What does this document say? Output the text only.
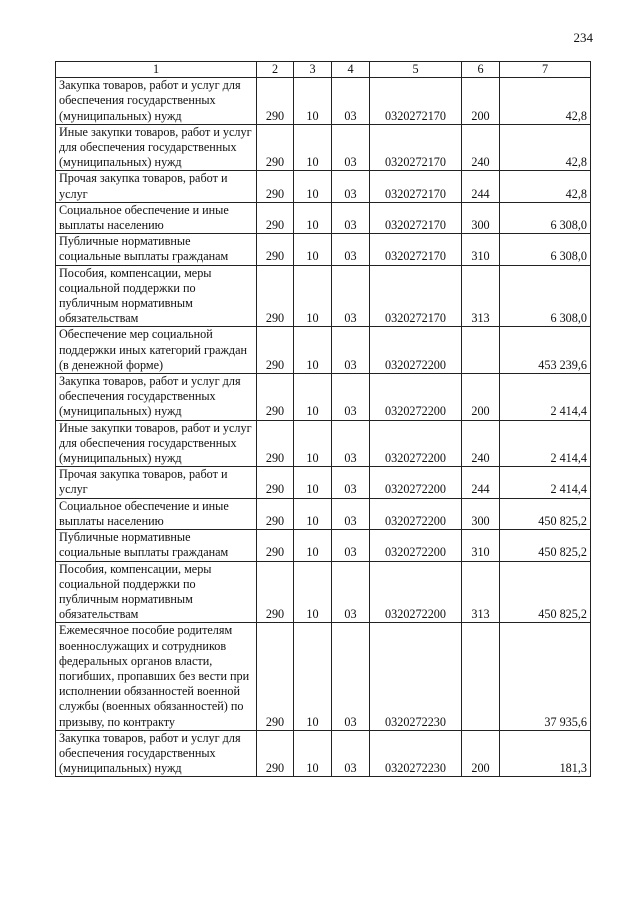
234
1	2	3	4	5	6	7
Закупка товаров, работ и услуг для обеспечения государственных (муниципальных) нужд	290	10	03	0320272170	200	42,8
Иные закупки товаров, работ и услуг для обеспечения государственных (муниципальных) нужд	290	10	03	0320272170	240	42,8
Прочая закупка товаров, работ и услуг	290	10	03	0320272170	244	42,8
Социальное обеспечение и иные выплаты населению	290	10	03	0320272170	300	6 308,0
Публичные нормативные социальные выплаты гражданам	290	10	03	0320272170	310	6 308,0
Пособия, компенсации, меры социальной поддержки по публичным нормативным обязательствам	290	10	03	0320272170	313	6 308,0
Обеспечение мер социальной поддержки иных категорий граждан (в денежной форме)	290	10	03	0320272200		453 239,6
Закупка товаров, работ и услуг для обеспечения государственных (муниципальных) нужд	290	10	03	0320272200	200	2 414,4
Иные закупки товаров, работ и услуг для обеспечения государственных (муниципальных) нужд	290	10	03	0320272200	240	2 414,4
Прочая закупка товаров, работ и услуг	290	10	03	0320272200	244	2 414,4
Социальное обеспечение и иные выплаты населению	290	10	03	0320272200	300	450 825,2
Публичные нормативные социальные выплаты гражданам	290	10	03	0320272200	310	450 825,2
Пособия, компенсации, меры социальной поддержки по публичным нормативным обязательствам	290	10	03	0320272200	313	450 825,2
Ежемесячное пособие родителям военнослужащих и сотрудников федеральных органов власти, погибших, пропавших без вести при исполнении обязанностей военной службы (военных обязанностей) по призыву, по контракту	290	10	03	0320272230		37 935,6
Закупка товаров, работ и услуг для обеспечения государственных (муниципальных) нужд	290	10	03	0320272230	200	181,3
